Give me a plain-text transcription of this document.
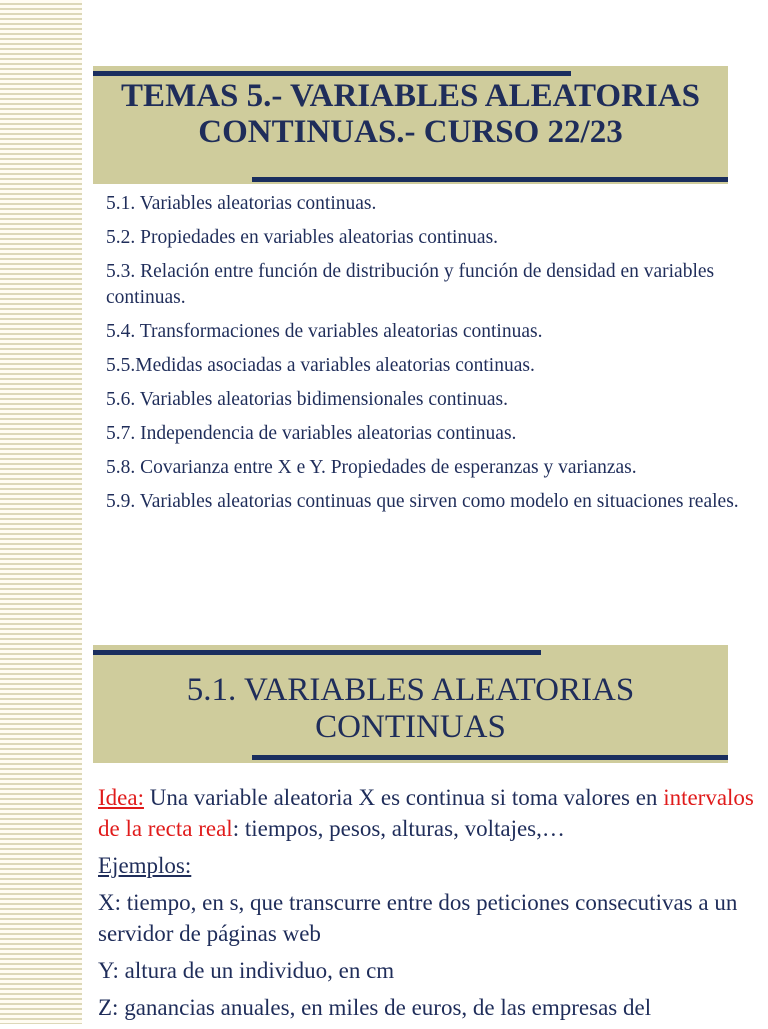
TEMAS 5.- VARIABLES ALEATORIAS CONTINUAS.- CURSO 22/23
5.1. Variables aleatorias continuas.
5.2. Propiedades en variables aleatorias continuas.
5.3. Relación entre función de distribución y función de densidad en variables continuas.
5.4. Transformaciones de variables aleatorias continuas.
5.5.Medidas asociadas a variables aleatorias continuas.
5.6. Variables aleatorias bidimensionales continuas.
5.7. Independencia de variables aleatorias continuas.
5.8. Covarianza entre X e Y. Propiedades de esperanzas y varianzas.
5.9. Variables aleatorias continuas que sirven como modelo en situaciones reales.
5.1. VARIABLES ALEATORIAS CONTINUAS

Idea: Una variable aleatoria X es continua si toma valores en intervalos de la recta real: tiempos, pesos, alturas, voltajes,…

Ejemplos:

X: tiempo, en s, que transcurre entre dos peticiones consecutivas a un servidor de páginas web

Y: altura de un individuo, en cm

Z: ganancias anuales, en miles de euros, de las empresas del
